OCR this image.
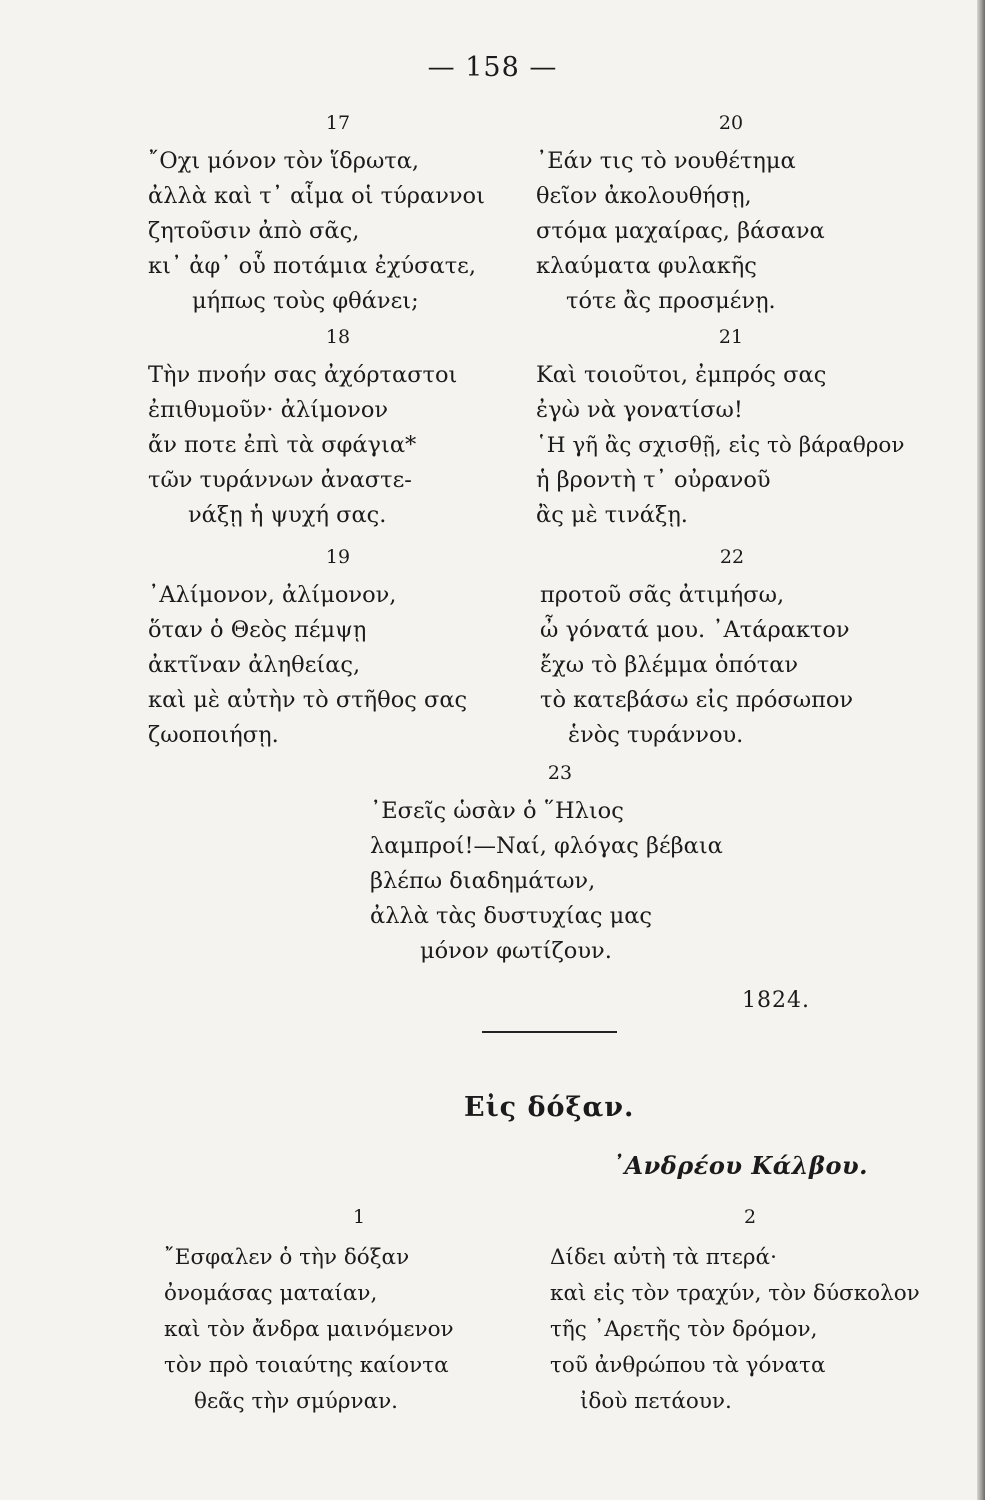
— 158 —
17
῎Οχι μόνον τὸν ἵδρωτα,
ἀλλὰ καὶ τ᾿ αἷμα οἱ τύραννοι
ζητοῦσιν ἀπὸ σᾶς,
κι᾿ ἀφ᾿ οὗ ποτάμια ἐχύσατε,
μήπως τοὺς φθάνει;
20
᾿Εάν τις τὸ νουθέτημα
θεῖον ἀκολουθήσῃ,
στόμα μαχαίρας, βάσανα
κλαύματα φυλακῆς
τότε ἂς προσμένῃ.
18
Τὴν πνοήν σας ἀχόρταστοι
ἐπιθυμοῦν· ἀλίμονον
ἄν ποτε ἐπὶ τὰ σφάγια*
τῶν τυράννων ἀναστε-
νάξῃ ἡ ψυχή σας.
21
Καὶ τοιοῦτοι, ἐμπρός σας
ἐγὼ νὰ γονατίσω!
῾Η γῆ ἂς σχισθῇ, εἰς τὸ βάραθρον
ἡ βροντὴ τ᾿ οὐρανοῦ
ἂς μὲ τινάξῃ.
19
᾿Αλίμονον, ἀλίμονον,
ὅταν ὁ Θεὸς πέμψῃ
ἀκτῖναν ἀληθείας,
καὶ μὲ αὐτὴν τὸ στῆθος σας
ζωοποιήσῃ.
22
προτοῦ σᾶς ἀτιμήσω,
ὦ γόνατά μου. ᾿Ατάρακτον
ἔχω τὸ βλέμμα ὁπόταν
τὸ κατεβάσω εἰς πρόσωπον
ἑνὸς τυράννου.
23
᾿Εσεῖς ὡσὰν ὁ ῞Ηλιος
λαμπροί!—Ναί, φλόγας βέβαια
βλέπω διαδημάτων,
ἀλλὰ τὰς δυστυχίας μας
μόνον φωτίζουν.
1824.
Εἰς δόξαν.
᾿Ανδρέου Κάλβου.
1
῎Εσφαλεν ὁ τὴν δόξαν
ὀνομάσας ματαίαν,
καὶ τὸν ἄνδρα μαινόμενον
τὸν πρὸ τοιαύτης καίοντα
θεᾶς τὴν σμύρναν.
2
Δίδει αὐτὴ τὰ πτερά·
καὶ εἰς τὸν τραχύν, τὸν δύσκολον
τῆς ᾿Αρετῆς τὸν δρόμον,
τοῦ ἀνθρώπου τὰ γόνατα
ἰδοὺ πετάουν.
